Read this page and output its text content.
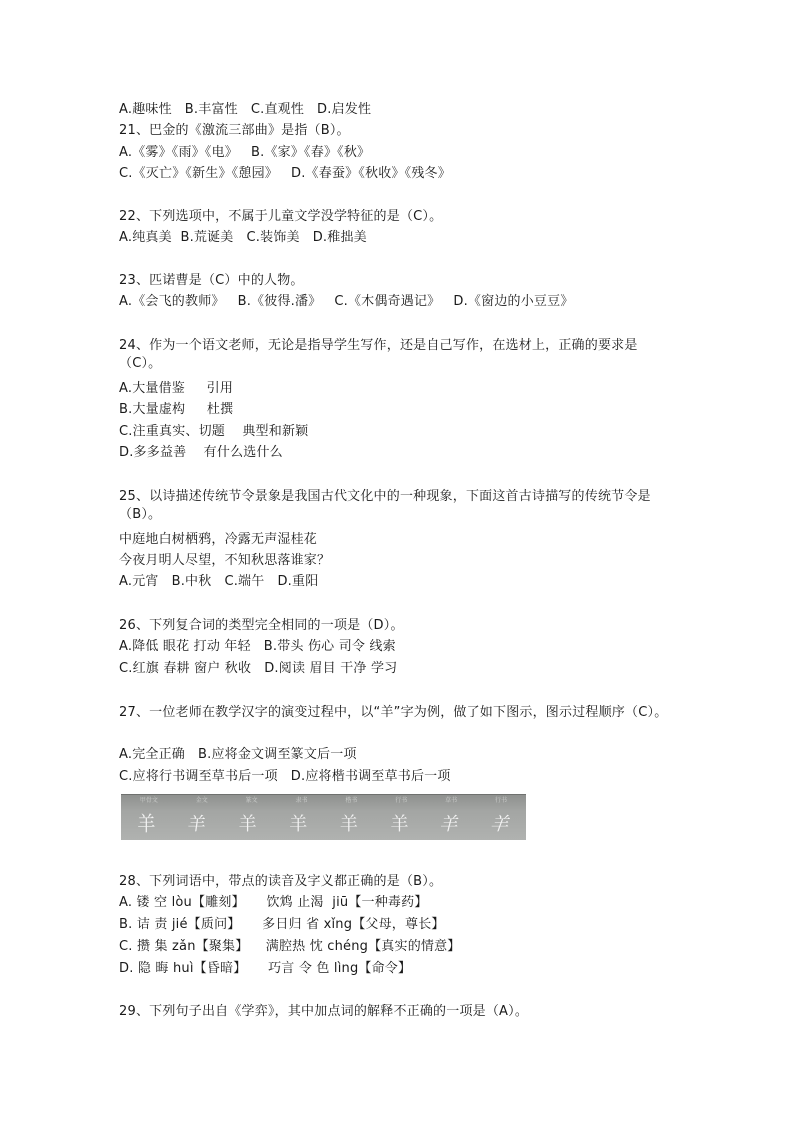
A.趣味性   B.丰富性   C.直观性   D.启发性
21、巴金的《激流三部曲》是指（B）。
A.《雾》《雨》《电》   B.《家》《春》《秋》
C.《灭亡》《新生》《憩园》   D.《春蚕》《秋收》《残冬》
22、下列选项中，不属于儿童文学没学特征的是（C）。
A.纯真美  B.荒诞美   C.装饰美   D.稚拙美
23、匹诺曹是（C）中的人物。
A.《会飞的教师》   B.《彼得.潘》   C.《木偶奇遇记》   D.《窗边的小豆豆》
24、作为一个语文老师，无论是指导学生写作，还是自己写作，在选材上，正确的要求是（C）。
A.大量借鉴     引用
B.大量虚构     杜撰
C.注重真实、切题    典型和新颖
D.多多益善    有什么选什么
25、以诗描述传统节令景象是我国古代文化中的一种现象，下面这首古诗描写的传统节令是（B）。
中庭地白树栖鸦，冷露无声湿桂花
今夜月明人尽望，不知秋思落谁家？
A.元宵   B.中秋   C.端午   D.重阳
26、下列复合词的类型完全相同的一项是（D）。
A.降低 眼花 打动 年轻   B.带头 伤心 司令 线索
C.红旗 春耕 窗户 秋收   D.阅读 眉目 干净 学习
27、一位老师在教学汉字的演变过程中，以“羊”字为例，做了如下图示，图示过程顺序（C）。
A.完全正确   B.应将金文调至篆文后一项
C.应将行书调至草书后一项   D.应将楷书调至草书后一项
28、下列词语中，带点的读音及字义都正确的是（B）。
A. 镂 空 lòu【雕刻】     饮鸩 止渴  jiū【一种毒药】
B. 诘 责 jié【质问】     多日归 省 xǐng【父母，尊长】
C. 攒 集 zǎn【聚集】    满腔热 忱 chéng【真实的情意】
D. 隐 晦 huì【昏暗】     巧言 令 色 lìng【命令】
29、下列句子出自《学弈》，其中加点词的解释不正确的一项是（A）。
甲骨文	金文	篆文	隶书	楷书	行书	草书	行书
羊 羊 羊 羊 羊 羊 羊 羊
